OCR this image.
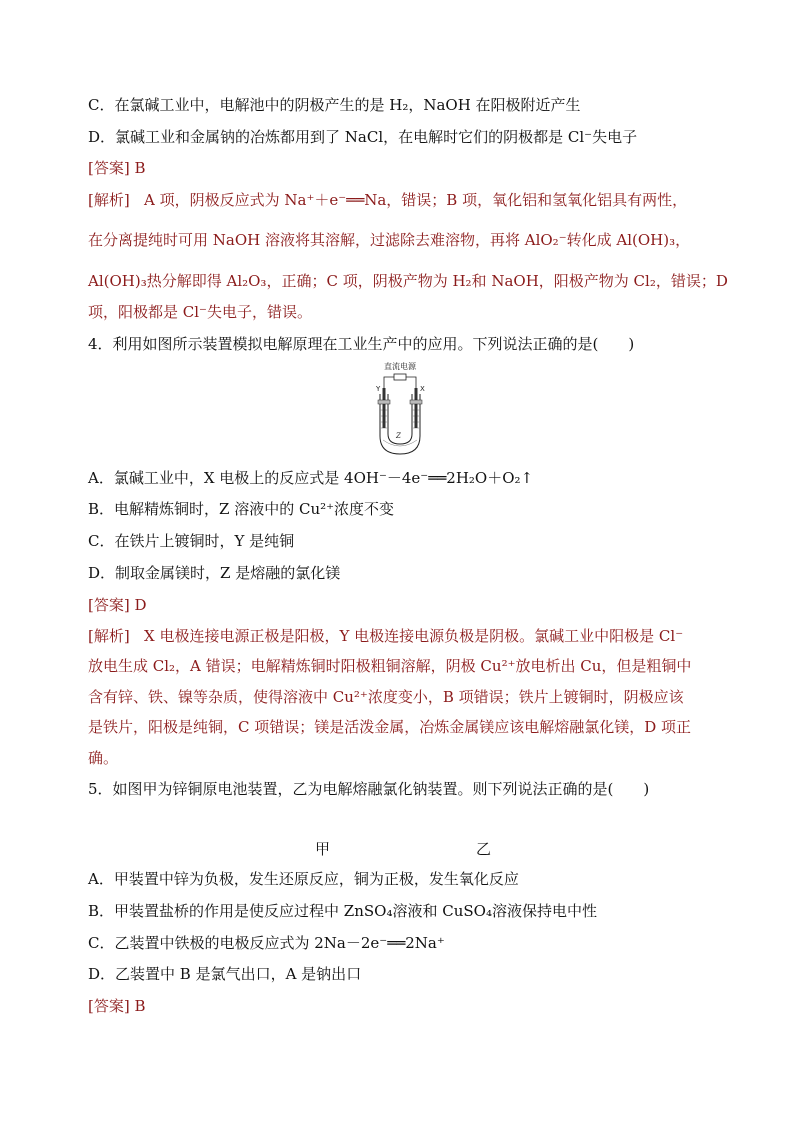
C．在氯碱工业中，电解池中的阴极产生的是 H₂，NaOH 在阳极附近产生
D．氯碱工业和金属钠的冶炼都用到了 NaCl，在电解时它们的阴极都是 Cl⁻失电子
[答案] B
[解析] A 项，阴极反应式为 Na⁺＋e⁻══Na，错误；B 项，氧化铝和氢氧化铝具有两性，
在分离提纯时可用 NaOH 溶液将其溶解，过滤除去难溶物，再将 AlO₂⁻转化成 Al(OH)₃，
Al(OH)₃热分解即得 Al₂O₃，正确；C 项，阴极产物为 H₂和 NaOH，阳极产物为 Cl₂，错误；D
项，阳极都是 Cl⁻失电子，错误。
4．利用如图所示装置模拟电解原理在工业生产中的应用。下列说法正确的是(　　)
直流电源
Y	X
Z
A．氯碱工业中，X 电极上的反应式是 4OH⁻－4e⁻══2H₂O＋O₂↑
B．电解精炼铜时，Z 溶液中的 Cu²⁺浓度不变
C．在铁片上镀铜时，Y 是纯铜
D．制取金属镁时，Z 是熔融的氯化镁
[答案] D
[解析] X 电极连接电源正极是阳极，Y 电极连接电源负极是阴极。氯碱工业中阳极是 Cl⁻
放电生成 Cl₂，A 错误；电解精炼铜时阳极粗铜溶解，阴极 Cu²⁺放电析出 Cu，但是粗铜中
含有锌、铁、镍等杂质，使得溶液中 Cu²⁺浓度变小，B 项错误；铁片上镀铜时，阴极应该
是铁片，阳极是纯铜，C 项错误；镁是活泼金属，冶炼金属镁应该电解熔融氯化镁，D 项正
确。
5．如图甲为锌铜原电池装置，乙为电解熔融氯化钠装置。则下列说法正确的是(　　)
甲	乙
A．甲装置中锌为负极，发生还原反应，铜为正极，发生氧化反应
B．甲装置盐桥的作用是使反应过程中 ZnSO₄溶液和 CuSO₄溶液保持电中性
C．乙装置中铁极的电极反应式为 2Na－2e⁻══2Na⁺
D．乙装置中 B 是氯气出口，A 是钠出口
[答案] B
